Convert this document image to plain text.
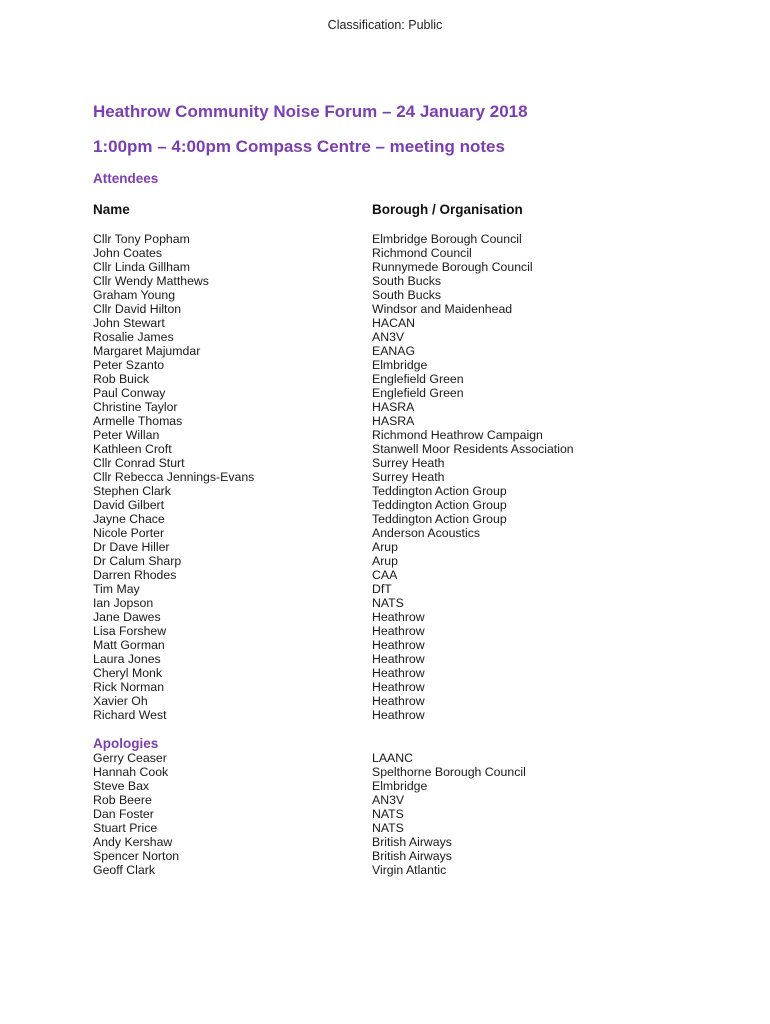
Classification: Public
Heathrow Community Noise Forum – 24 January 2018
1:00pm – 4:00pm Compass Centre – meeting notes
Attendees
Name	Borough / Organisation
Cllr Tony Popham	Elmbridge Borough Council
John Coates	Richmond Council
Cllr Linda Gillham	Runnymede Borough Council
Cllr Wendy Matthews	South Bucks
Graham Young	South Bucks
Cllr David Hilton	Windsor and Maidenhead
John Stewart	HACAN
Rosalie James	AN3V
Margaret Majumdar	EANAG
Peter Szanto	Elmbridge
Rob Buick	Englefield Green
Paul Conway	Englefield Green
Christine Taylor	HASRA
Armelle Thomas	HASRA
Peter Willan	Richmond Heathrow Campaign
Kathleen Croft	Stanwell Moor Residents Association
Cllr Conrad Sturt	Surrey Heath
Cllr Rebecca Jennings-Evans	Surrey Heath
Stephen Clark	Teddington Action Group
David Gilbert	Teddington Action Group
Jayne Chace	Teddington Action Group
Nicole Porter	Anderson Acoustics
Dr Dave Hiller	Arup
Dr Calum Sharp	Arup
Darren Rhodes	CAA
Tim May	DfT
Ian Jopson	NATS
Jane Dawes	Heathrow
Lisa Forshew	Heathrow
Matt Gorman	Heathrow
Laura Jones	Heathrow
Cheryl Monk	Heathrow
Rick Norman	Heathrow
Xavier Oh	Heathrow
Richard West	Heathrow
Apologies
Gerry Ceaser	LAANC
Hannah Cook	Spelthorne Borough Council
Steve Bax	Elmbridge
Rob Beere	AN3V
Dan Foster	NATS
Stuart Price	NATS
Andy Kershaw	British Airways
Spencer Norton	British Airways
Geoff Clark	Virgin Atlantic
